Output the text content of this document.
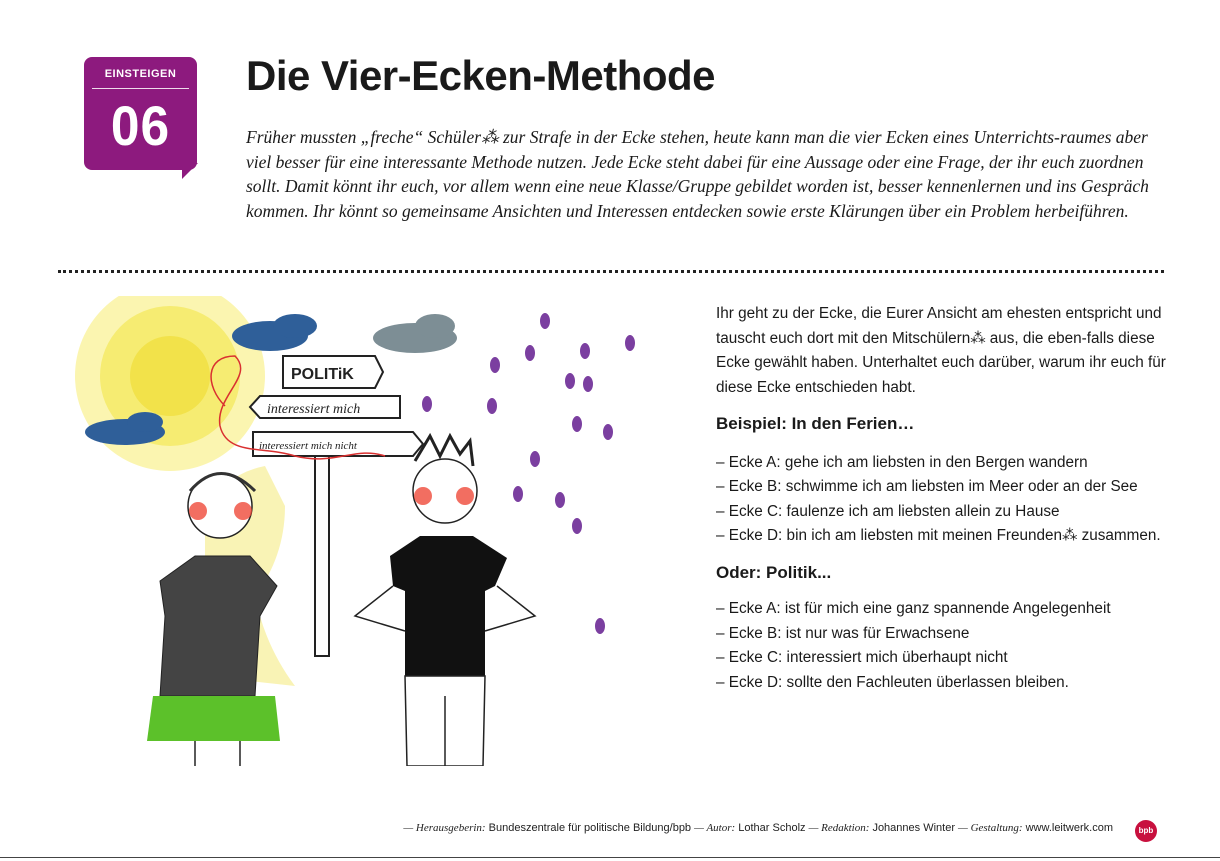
EINSTEIGEN
06
Die Vier-Ecken-Methode
Früher mussten „freche“ Schüler⁂ zur Strafe in der Ecke stehen, heute kann man die vier Ecken eines Unterrichts-raumes aber viel besser für eine interessante Methode nutzen. Jede Ecke steht dabei für eine Aussage oder eine Frage, der ihr euch zuordnen sollt. Damit könnt ihr euch, vor allem wenn eine neue Klasse/Gruppe gebildet worden ist, besser kennenlernen und ins Gespräch kommen. Ihr könnt so gemeinsame Ansichten und Interessen entdecken sowie erste Klärungen über ein Problem herbeiführen.
POLITiK
interessiert mich
interessiert mich nicht

Ihr geht zu der Ecke, die Eurer Ansicht am ehesten entspricht und tauscht euch dort mit den Mitschülern⁂ aus, die eben-falls diese Ecke gewählt haben. Unterhaltet euch darüber, warum ihr euch für diese Ecke entschieden habt.

Beispiel: In den Ferien…

– Ecke A: gehe ich am liebsten in den Bergen wandern
– Ecke B: schwimme ich am liebsten im Meer oder an der See
– Ecke C: faulenze ich am liebsten allein zu Hause
– Ecke D: bin ich am liebsten mit meinen Freunden⁂ zusammen.

Oder: Politik...

– Ecke A: ist für mich eine ganz spannende Angelegenheit
– Ecke B: ist nur was für Erwachsene
– Ecke C: interessiert mich überhaupt nicht
– Ecke D: sollte den Fachleuten überlassen bleiben.
— Herausgeberin: Bundeszentrale für politische Bildung/bpb — Autor: Lothar Scholz — Redaktion: Johannes Winter — Gestaltung: www.leitwerk.com	bpb
